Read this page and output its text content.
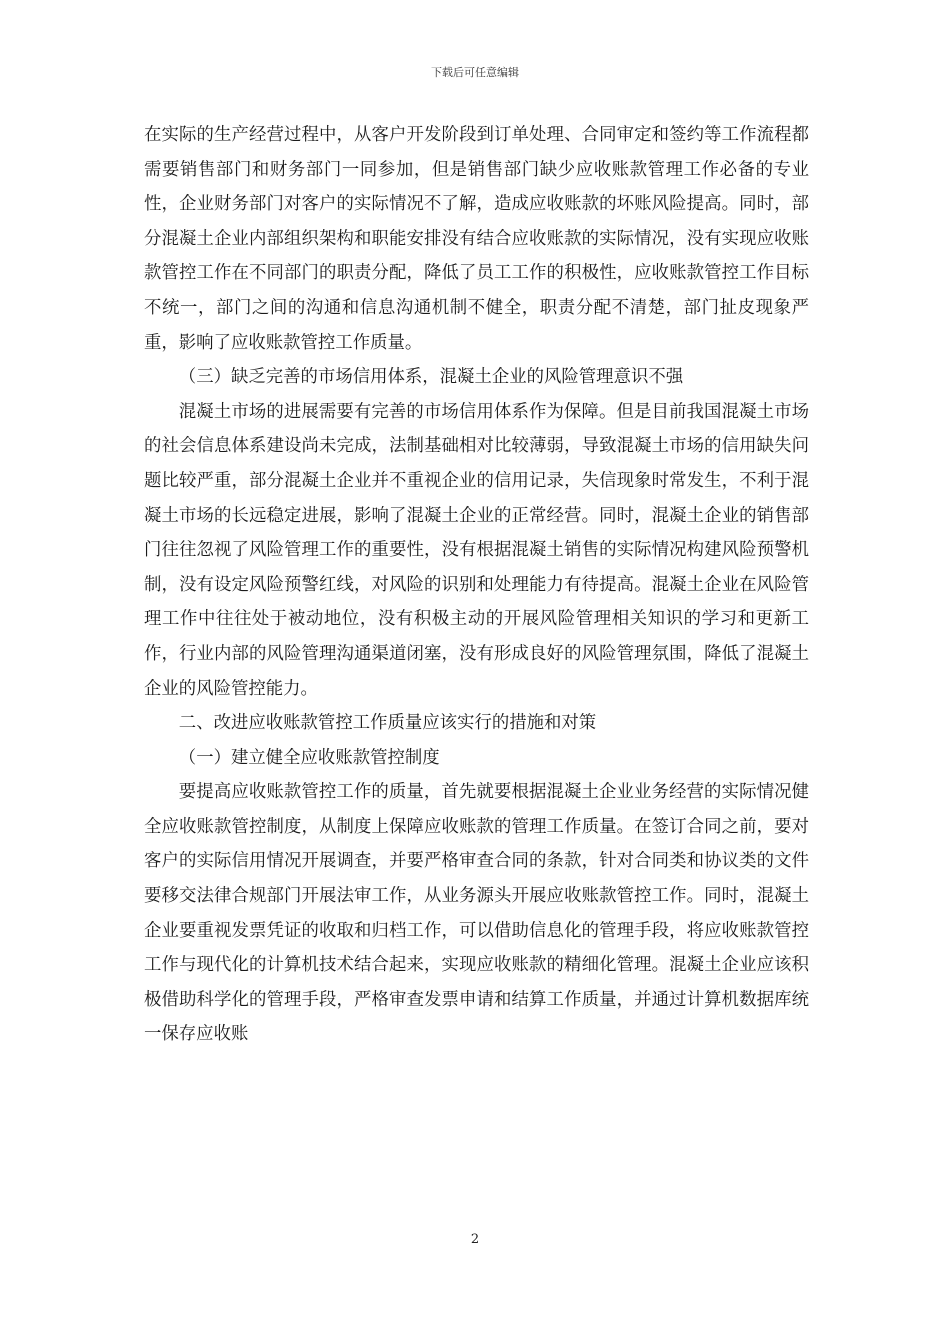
下载后可任意编辑

在实际的生产经营过程中，从客户开发阶段到订单处理、合同审定和签约等工作流程都需要销售部门和财务部门一同参加，但是销售部门缺少应收账款管理工作必备的专业性，企业财务部门对客户的实际情况不了解，造成应收账款的坏账风险提高。同时，部分混凝土企业内部组织架构和职能安排没有结合应收账款的实际情况，没有实现应收账款管控工作在不同部门的职责分配，降低了员工工作的积极性，应收账款管控工作目标不统一，部门之间的沟通和信息沟通机制不健全，职责分配不清楚，部门扯皮现象严重，影响了应收账款管控工作质量。

（三）缺乏完善的市场信用体系，混凝土企业的风险管理意识不强

混凝土市场的进展需要有完善的市场信用体系作为保障。但是目前我国混凝土市场的社会信息体系建设尚未完成，法制基础相对比较薄弱，导致混凝土市场的信用缺失问题比较严重，部分混凝土企业并不重视企业的信用记录，失信现象时常发生，不利于混凝土市场的长远稳定进展，影响了混凝土企业的正常经营。同时，混凝土企业的销售部门往往忽视了风险管理工作的重要性，没有根据混凝土销售的实际情况构建风险预警机制，没有设定风险预警红线，对风险的识别和处理能力有待提高。混凝土企业在风险管理工作中往往处于被动地位，没有积极主动的开展风险管理相关知识的学习和更新工作，行业内部的风险管理沟通渠道闭塞，没有形成良好的风险管理氛围，降低了混凝土企业的风险管控能力。

二、改进应收账款管控工作质量应该实行的措施和对策

（一）建立健全应收账款管控制度

要提高应收账款管控工作的质量，首先就要根据混凝土企业业务经营的实际情况健全应收账款管控制度，从制度上保障应收账款的管理工作质量。在签订合同之前，要对客户的实际信用情况开展调查，并要严格审查合同的条款，针对合同类和协议类的文件要移交法律合规部门开展法审工作，从业务源头开展应收账款管控工作。同时，混凝土企业要重视发票凭证的收取和归档工作，可以借助信息化的管理手段，将应收账款管控工作与现代化的计算机技术结合起来，实现应收账款的精细化管理。混凝土企业应该积极借助科学化的管理手段，严格审查发票申请和结算工作质量，并通过计算机数据库统一保存应收账

2
